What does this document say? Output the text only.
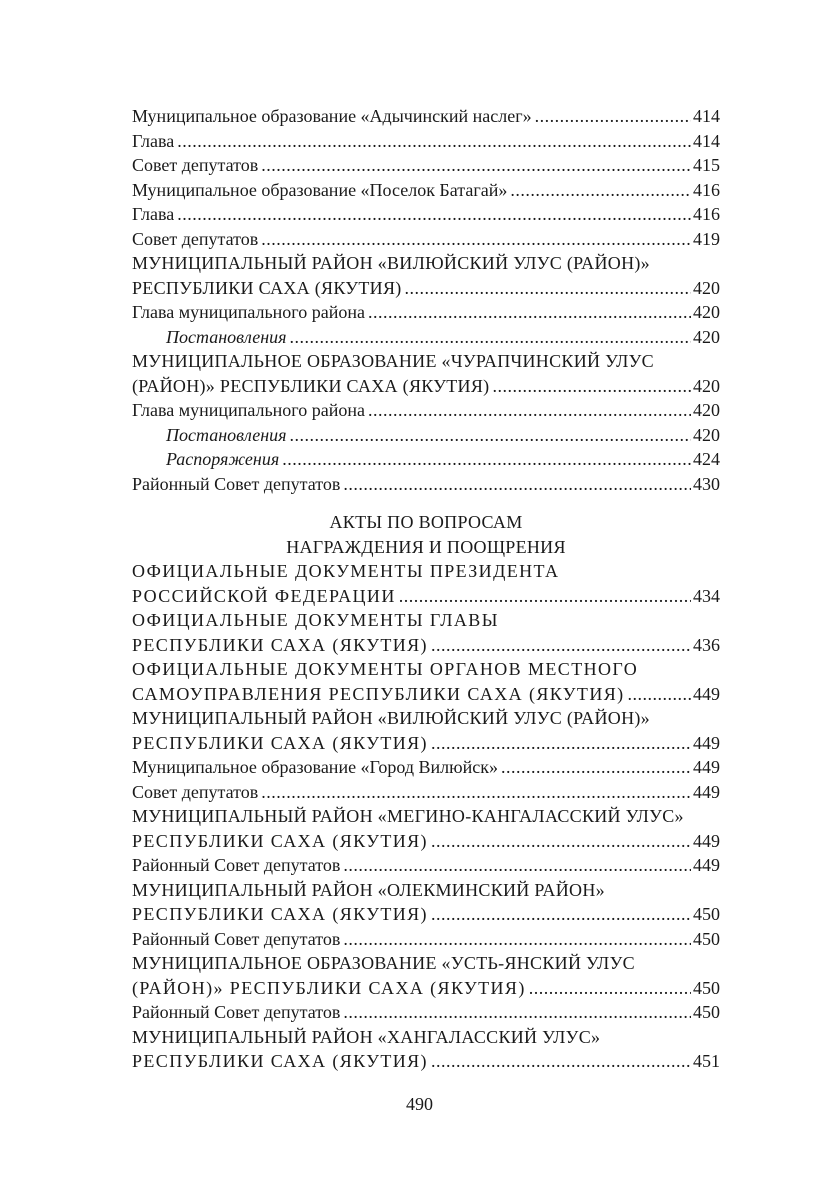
Муниципальное образование «Адычинский наслег» . . .	414
Глава . . .	414
Совет депутатов . . .	415
Муниципальное образование «Поселок Батагай» . . .	416
Глава . . .	416
Совет депутатов . . .	419
МУНИЦИПАЛЬНЫЙ РАЙОН «ВИЛЮЙСКИЙ УЛУС (РАЙОН)»
РЕСПУБЛИКИ САХА (ЯКУТИЯ) . . .	420
Глава муниципального района . . .	420
Постановления . . .	420
МУНИЦИПАЛЬНОЕ ОБРАЗОВАНИЕ «ЧУРАПЧИНСКИЙ УЛУС
(РАЙОН)» РЕСПУБЛИКИ САХА (ЯКУТИЯ) . . .	420
Глава муниципального района . . .	420
Постановления . . .	420
Распоряжения . . .	424
Районный Совет депутатов . . .	430
АКТЫ ПО ВОПРОСАМ
НАГРАЖДЕНИЯ И ПООЩРЕНИЯ
ОФИЦИАЛЬНЫЕ ДОКУМЕНТЫ ПРЕЗИДЕНТА
РОССИЙСКОЙ ФЕДЕРАЦИИ . . .	434
ОФИЦИАЛЬНЫЕ ДОКУМЕНТЫ ГЛАВЫ
РЕСПУБЛИКИ САХА (ЯКУТИЯ) . . .	436
ОФИЦИАЛЬНЫЕ ДОКУМЕНТЫ ОРГАНОВ МЕСТНОГО
САМОУПРАВЛЕНИЯ РЕСПУБЛИКИ САХА (ЯКУТИЯ) . . .	449
МУНИЦИПАЛЬНЫЙ РАЙОН «ВИЛЮЙСКИЙ УЛУС (РАЙОН)»
РЕСПУБЛИКИ САХА (ЯКУТИЯ) . . .	449
Муниципальное образование «Город Вилюйск» . . .	449
Совет депутатов . . .	449
МУНИЦИПАЛЬНЫЙ РАЙОН «МЕГИНО-КАНГАЛАССКИЙ УЛУС»
РЕСПУБЛИКИ САХА (ЯКУТИЯ) . . .	449
Районный Совет депутатов . . .	449
МУНИЦИПАЛЬНЫЙ РАЙОН «ОЛЕКМИНСКИЙ РАЙОН»
РЕСПУБЛИКИ САХА (ЯКУТИЯ) . . .	450
Районный Совет депутатов . . .	450
МУНИЦИПАЛЬНОЕ ОБРАЗОВАНИЕ «УСТЬ-ЯНСКИЙ УЛУС
(РАЙОН)» РЕСПУБЛИКИ САХА (ЯКУТИЯ) . . .	450
Районный Совет депутатов . . .	450
МУНИЦИПАЛЬНЫЙ РАЙОН «ХАНГАЛАССКИЙ УЛУС»
РЕСПУБЛИКИ САХА (ЯКУТИЯ) . . .	451
490
